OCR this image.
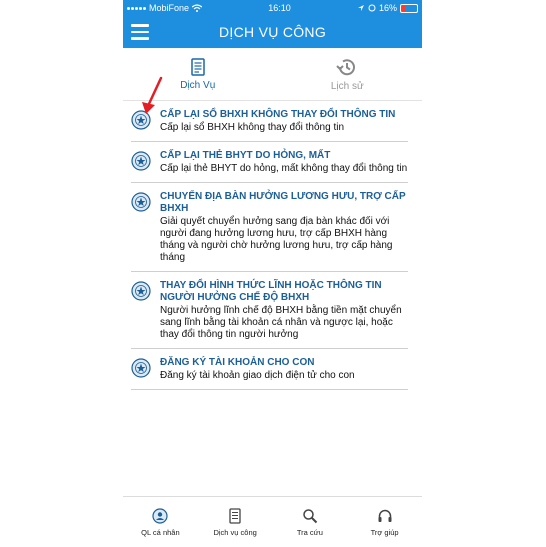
MobiFone	16:10	16%
DỊCH VỤ CÔNG
Dịch Vụ	Lịch sử
CẤP LẠI SỔ BHXH KHÔNG THAY ĐỔI THÔNG TIN
Cấp lại sổ BHXH không thay đổi thông tin
CẤP LẠI THẺ BHYT DO HỎNG, MẤT
Cấp lại thẻ BHYT do hỏng, mất không thay đổi thông tin
CHUYỂN ĐỊA BÀN HƯỞNG LƯƠNG HƯU, TRỢ CẤP BHXH
Giải quyết chuyển hưởng sang địa bàn khác đối với người đang hưởng lương hưu, trợ cấp BHXH hàng tháng và người chờ hưởng lương hưu, trợ cấp hàng tháng
THAY ĐỔI HÌNH THỨC LĨNH HOẶC THÔNG TIN NGƯỜI HƯỞNG CHẾ ĐỘ BHXH
Người hưởng lĩnh chế độ BHXH bằng tiền mặt chuyển sang lĩnh bằng tài khoản cá nhân và ngược lại, hoặc thay đổi thông tin người hưởng
ĐĂNG KÝ TÀI KHOẢN CHO CON
Đăng ký tài khoản giao dịch điện tử cho con
QL cá nhân	Dịch vụ công	Tra cứu	Trợ giúp
